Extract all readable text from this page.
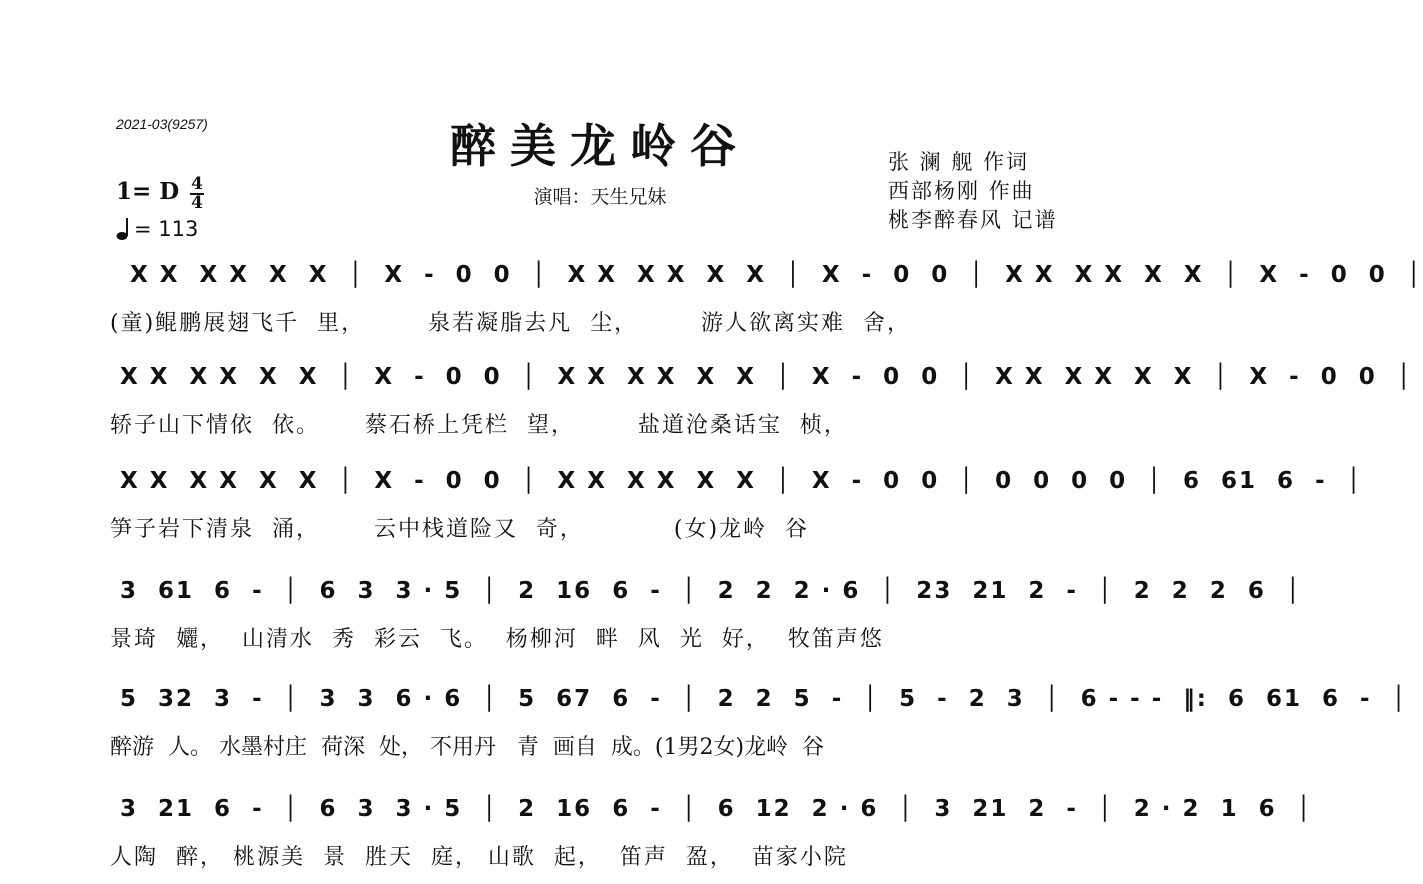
2021-03(9257)	醉美龙岭谷
演唱：天生兄妹
张 澜 舰 作词
西部杨刚 作曲
桃李醉春风 记谱
1= D 4
4
= 113
X X  X X  X  X  │  X  -  0  0  │  X X  X X  X  X  │  X  -  0  0  │  X X  X X  X  X  │  X  -  0  0  │
(童)鲲鹏展翅飞千  里，       泉若凝脂去凡  尘，       游人欲离实难  舍，
X X  X X  X  X  │  X  -  0  0  │  X X  X X  X  X  │  X  -  0  0  │  X X  X X  X  X  │  X  -  0  0  │
轿子山下情依  依。     蔡石桥上凭栏  望，       盐道沧桑话宝  桢，
X X  X X  X  X  │  X  -  0  0  │  X X  X X  X  X  │  X  -  0  0  │  0  0  0  0  │  6  61  6  -  │
笋子岩下清泉  涌，      云中栈道险又  奇，          (女)龙岭  谷
3  61  6  -  │  6  3  3 · 5  │  2  16  6  -  │  2  2  2 · 6  │  23  21  2  -  │  2  2  2  6  │
景琦  孋，  山清水  秀  彩云  飞。  杨柳河  畔  风  光  好，  牧笛声悠
5  32  3  -  │  3  3  6 · 6  │  5  67  6  -  │  2  2  5  -  │  5  -  2  3  │  6 - - -  ‖:  6  61  6  -  │
醉游  人。 水墨村庄  荷深  处， 不用丹   青  画自  成。(1男2女)龙岭  谷
3  21  6  -  │  6  3  3 · 5  │  2  16  6  -  │  6  12  2 · 6  │  3  21  2  -  │  2 · 2  1  6  │
人陶  醉， 桃源美  景  胜天  庭， 山歌  起，  笛声  盈，  苗家小院
